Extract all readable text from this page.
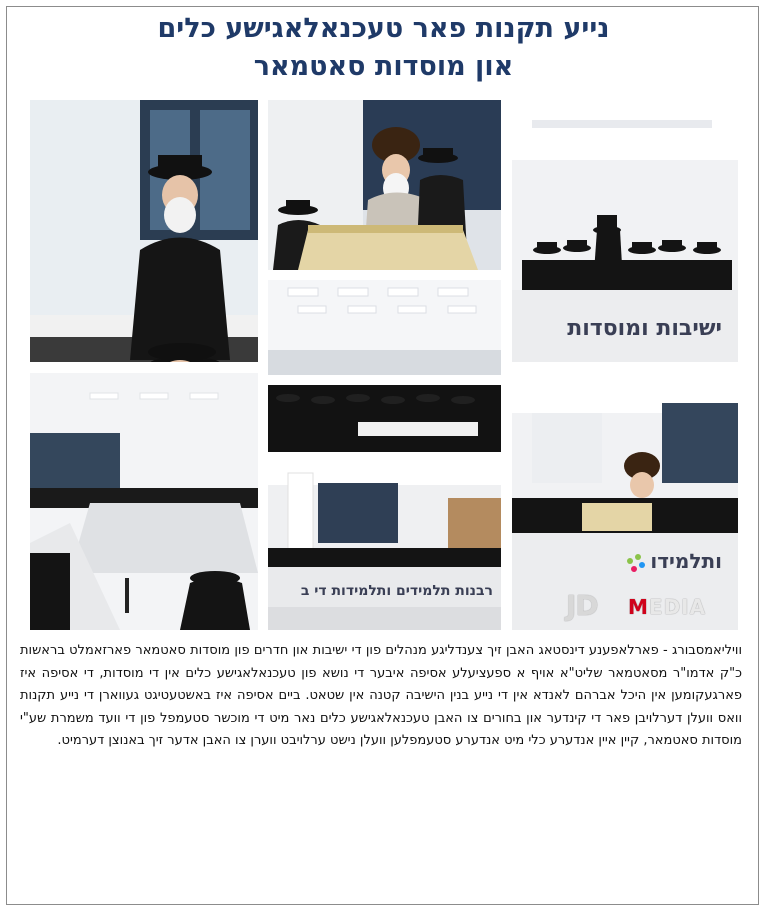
נייע תקנות פאר טעכנאלאגישע כלים
און מוסדות סאטמאר
ישיבות ומוסדות
רבנות תלמידים ותלמידות די ב
ותלמידו
JD MEDIA
וויליאמסבורג - פארלאפענע דינסטאג האבן זיך צענדליגע מנהלים פון די ישיבות און חדרים פון מוסדות סאטמאר פארזאמלט בראשות כ"ק אדמו"ר מסאטמאר שליט"א אויף א ספעציעלע אסיפה איבער די נושא פון טעכנאלאגישע כלים אין די מוסדות, די אסיפה איז פארגעקומען אין היכל אברהם לאנדא אין די נייע בנין הישיבה קטנה אין שטאט. ביים אסיפה איז באשטעטיגט געווארן די נייע תקנות וואס וועלן דערלויבן פאר די קינדער און בחורים צו האבן טעכנאלאגישע כלים נאר מיט די מוכשר סטעמפל פון די וועד משמרת שע"י מוסדות סאטמאר, קיין איין אנדערע כלי מיט אנדערע סטעמפלען וועלן נישט ערלויבט ווערן צו האבן אדער זיך באנוצן דערמיט.
